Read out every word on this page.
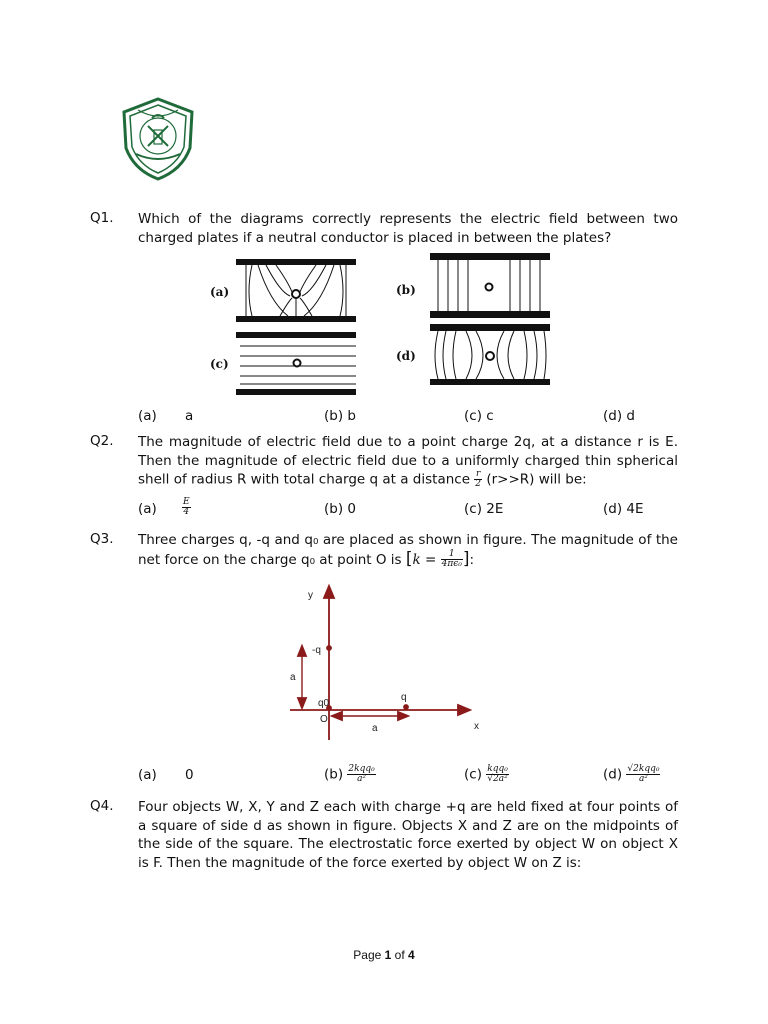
Q1. Which of the diagrams correctly represents the electric field between two charged plates if a neutral conductor is placed in between the plates?
(a)	(b)
(c)
(d)
(a) a	(b) b	(c) c	(d) d
Q2. The magnitude of electric field due to a point charge 2q, at a distance r is E. Then the magnitude of electric field due to a uniformly charged thin spherical shell of radius R with total charge q at a distance $\frac{r}{2} (r>>R)$ will be:
(a)	$\frac{E}{4}$	(b) 0	(c) 2E	(d) 4E
Q3. Three charges q, -q and q₀ are placed as shown in figure. The magnitude of the net force on the charge q₀ at point O is [$k = \frac{1}{\text{4πϵ₀}}$ ]:
y
x
-q
q
q0
O
a
a
(a) 0	$(b) \frac{\text{2kqq₀}}{\text{a²}}$	$(c) \frac{\text{kqq₀}}{\text{√2a²}}$	$(d) \frac{\text{√2kqq₀}}{\text{a²}}$
Q4. Four objects W, X, Y and Z each with charge +q are held fixed at four points of a square of side d as shown in figure. Objects X and Z are on the midpoints of the side of the square. The electrostatic force exerted by object W on object X is F. Then the magnitude of the force exerted by object W on Z is:
Page 1 of 4
